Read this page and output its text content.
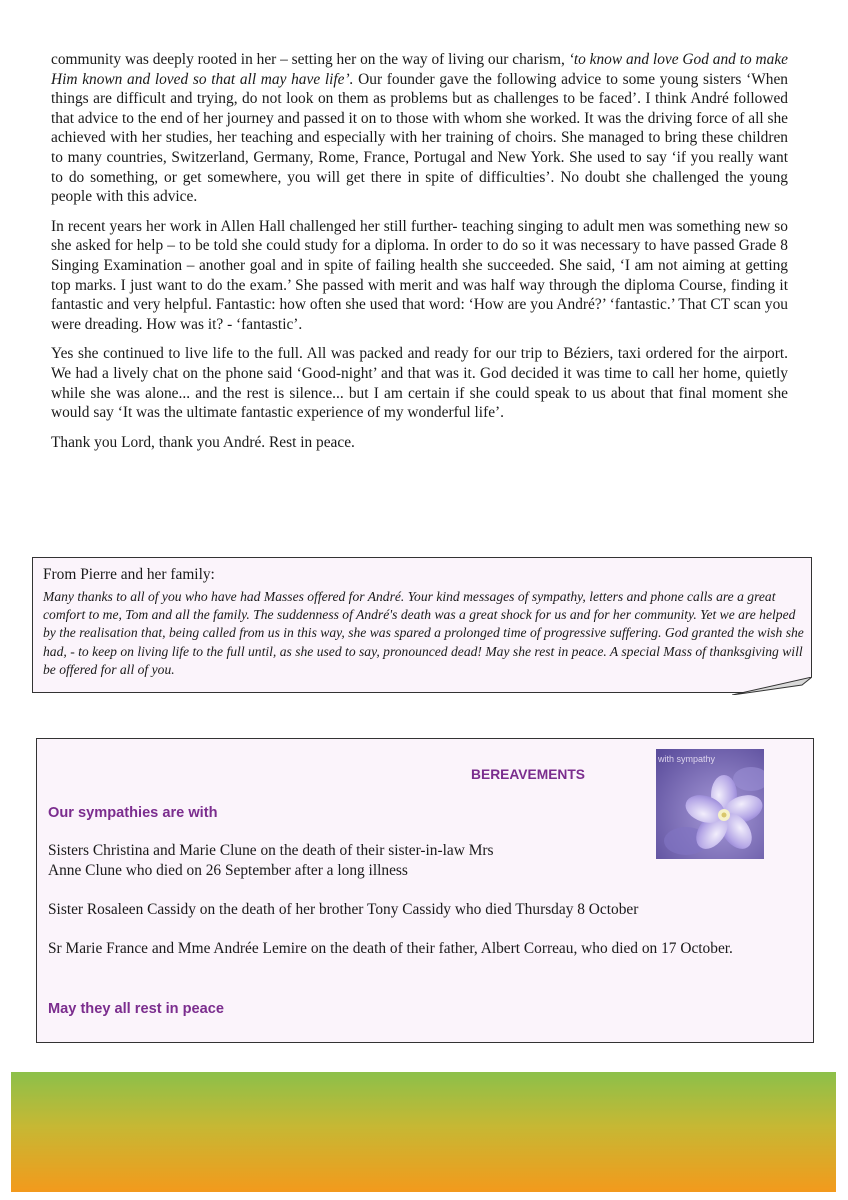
community was deeply rooted in her – setting her on the way of living our charism, ‘to know and love God and to make Him known and loved so that all may have life’. Our founder gave the following advice to some young sisters ‘When things are difficult and trying, do not look on them as problems but as challenges to be faced’. I think André followed that advice to the end of her journey and passed it on to those with whom she worked. It was the driving force of all she achieved with her studies, her teaching and especially with her training of choirs. She managed to bring these children to many countries, Switzerland, Germany, Rome, France, Portugal and New York. She used to say ‘if you really want to do something, or get somewhere, you will get there in spite of difficulties’. No doubt she challenged the young people with this advice.

In recent years her work in Allen Hall challenged her still further- teaching singing to adult men was something new so she asked for help – to be told she could study for a diploma. In order to do so it was necessary to have passed Grade 8 Singing Examination – another goal and in spite of failing health she succeeded. She said, ‘I am not aiming at getting top marks. I just want to do the exam.’ She passed with merit and was half way through the diploma Course, finding it fantastic and very helpful. Fantastic: how often she used that word: ‘How are you André?’ ‘fantastic.’ That CT scan you were dreading. How was it? - ‘fantastic’.

Yes she continued to live life to the full. All was packed and ready for our trip to Béziers, taxi ordered for the airport. We had a lively chat on the phone said ‘Good-night’ and that was it. God decided it was time to call her home, quietly while she was alone... and the rest is silence... but I am certain if she could speak to us about that final moment she would say ‘It was the ultimate fantastic experience of my wonderful life’.

Thank you Lord, thank you André. Rest in peace.

From Pierre and her family:
Many thanks to all of you who have had Masses offered for André. Your kind messages of sympathy, letters and phone calls are a great comfort to me, Tom and all the family. The suddenness of André's death was a great shock for us and for her community. Yet we are helped by the realisation that, being called from us in this way, she was spared a prolonged time of progressive suffering. God granted the wish she had, - to keep on living life to the full until, as she used to say, pronounced dead! May she rest in peace. A special Mass of thanksgiving will be offered for all of you.
BEREAVEMENTS
Our sympathies are with
Sisters Christina and Marie Clune on the death of their sister-in-law Mrs Anne Clune who died on 26 September after a long illness
Sister Rosaleen Cassidy on the death of her brother Tony Cassidy who died Thursday 8 October
Sr Marie France and Mme Andrée Lemire on the death of their father, Albert Correau, who died on 17 October.
May they all rest in peace
with sympathy
